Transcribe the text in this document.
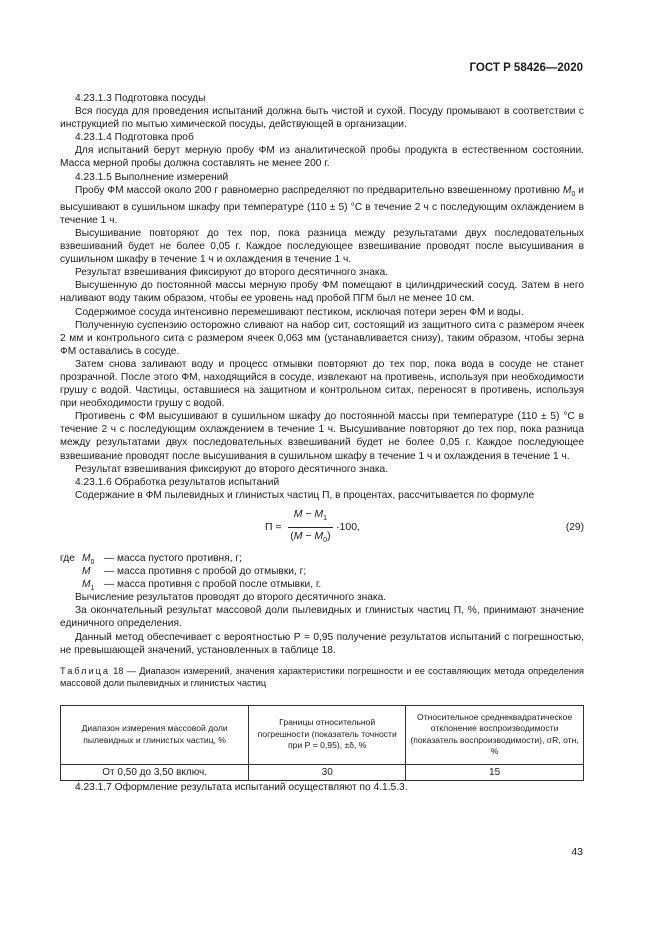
ГОСТ Р 58426—2020

4.23.1.3 Подготовка посуды

Вся посуда для проведения испытаний должна быть чистой и сухой. Посуду промывают в соответствии с инструкцией по мытью химической посуды, действующей в организации.

4.23.1.4 Подготовка проб

Для испытаний берут мерную пробу ФМ из аналитической пробы продукта в естественном состоянии. Масса мерной пробы должна составлять не менее 200 г.

4.23.1.5 Выполнение измерений

Пробу ФМ массой около 200 г равномерно распределяют по предварительно взвешенному противню $M_0$ и высушивают в сушильном шкафу при температуре (110 ± 5) °С в течение 2 ч с последующим охлаждением в течение 1 ч.

Высушивание повторяют до тех пор, пока разница между результатами двух последовательных взвешиваний будет не более 0,05 г. Каждое последующее взвешивание проводят после высушивания в сушильном шкафу в течение 1 ч и охлаждения в течение 1 ч.

Результат взвешивания фиксируют до второго десятичного знака.

Высушенную до постоянной массы мерную пробу ФМ помещают в цилиндрический сосуд. Затем в него наливают воду таким образом, чтобы ее уровень над пробой ПГМ был не менее 10 см.

Содержимое сосуда интенсивно перемешивают пестиком, исключая потери зерен ФМ и воды.

Полученную суспензию осторожно сливают на набор сит, состоящий из защитного сита с размером ячеек 2 мм и контрольного сита с размером ячеек 0,063 мм (устанавливается снизу), таким образом, чтобы зерна ФМ оставались в сосуде.

Затем снова заливают воду и процесс отмывки повторяют до тех пор, пока вода в сосуде не станет прозрачной. После этого ФМ, находящийся в сосуде, извлекают на противень, используя при необходимости грушу с водой. Частицы, оставшиеся на защитном и контрольном ситах, переносят в противень, используя при необходимости грушу с водой.

Противень с ФМ высушивают в сушильном шкафу до постоянной массы при температуре (110 ± 5) °С в течение 2 ч с последующим охлаждением в течение 1 ч. Высушивание повторяют до тех пор, пока разница между результатами двух последовательных взвешиваний будет не более 0,05 г. Каждое последующее взвешивание проводят после высушивания в сушильном шкафу в течение 1 ч и охлаждения в течение 1 ч.

Результат взвешивания фиксируют до второго десятичного знака.

4.23.1.6 Обработка результатов испытаний

Содержание в ФМ пылевидных и глинистых частиц П, в процентах, рассчитывается по формуле

$П = \frac{M - M_1}{(M - M_0)} \cdot 100$,	(29)
где $M_0$ — масса пустого противня, г;
M	— масса противня с пробой до отмывки, г;
$M_1$ — масса противня с пробой после отмывки, г.

Вычисление результатов проводят до второго десятичного знака.

За окончательный результат массовой доли пылевидных и глинистых частиц П, %, принимают значение единичного определения.

Данный метод обеспечивает с вероятностью Р = 0,95 получение результатов испытаний с погрешностью, не превышающей значений, установленных в таблице 18.

Таблица 18 — Диапазон измерений, значения характеристики погрешности и ее составляющих метода определения массовой доли пылевидных и глинистых частиц
Диапазон измерения массовой доли пылевидных и глинистых частиц, %	Границы относительной погрешности (показатель точности при Р = 0,95), ±δ, %	Относительное среднеквадратическое отклонение воспроизводимости (показатель воспроизводимости), σR, отн, %
От 0,50 до 3,50 включ.	30	15

4.23.1.7 Оформление результата испытаний осуществляют по 4.1.5.3.

43
